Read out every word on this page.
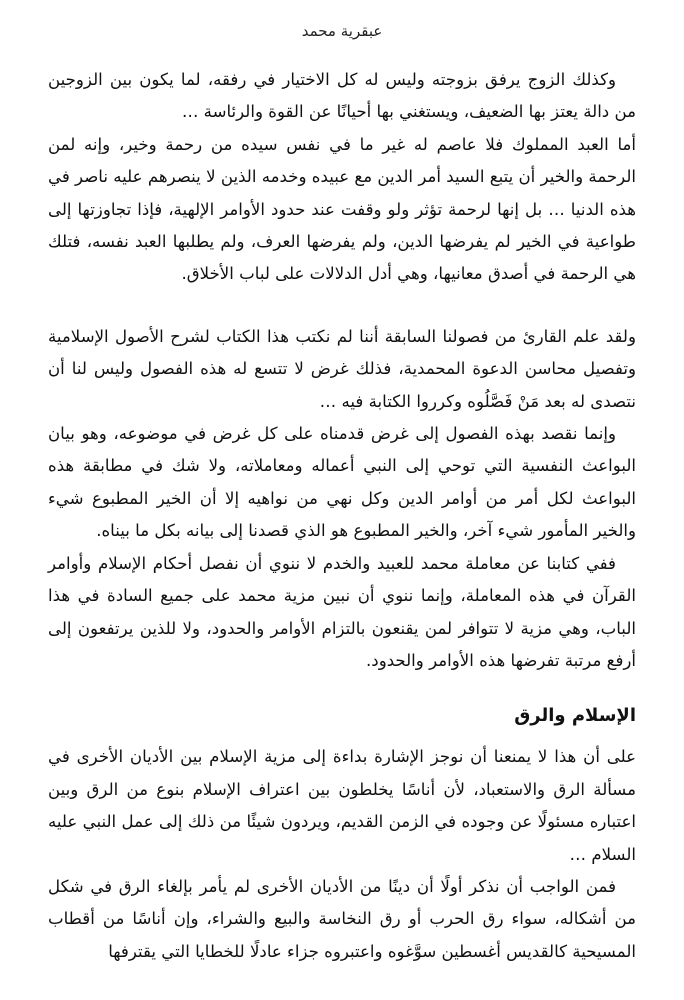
عبقرية محمد

وكذلك الزوج يرفق بزوجته وليس له كل الاختيار في رفقه، لما يكون بين الزوجين من دالة يعتز بها الضعيف، ويستغني بها أحيانًا عن القوة والرئاسة …

أما العبد المملوك فلا عاصم له غير ما في نفس سيده من رحمة وخير، وإنه لمن الرحمة والخير أن يتبع السيد أمر الدين مع عبيده وخدمه الذين لا ينصرهم عليه ناصر في هذه الدنيا … بل إنها لرحمة تؤثر ولو وقفت عند حدود الأوامر الإلهية، فإذا تجاوزتها إلى طواعية في الخير لم يفرضها الدين، ولم يفرضها العرف، ولم يطلبها العبد نفسه، فتلك هي الرحمة في أصدق معانيها، وهي أدل الدلالات على لباب الأخلاق.

ولقد علم القارئ من فصولنا السابقة أننا لم نكتب هذا الكتاب لشرح الأصول الإسلامية وتفصيل محاسن الدعوة المحمدية، فذلك غرض لا تتسع له هذه الفصول وليس لنا أن نتصدى له بعد مَنْ فَصَّلُوه وكرروا الكتابة فيه …

وإنما نقصد بهذه الفصول إلى غرض قدمناه على كل غرض في موضوعه، وهو بيان البواعث النفسية التي توحي إلى النبي أعماله ومعاملاته، ولا شك في مطابقة هذه البواعث لكل أمر من أوامر الدين وكل نهي من نواهيه إلا أن الخير المطبوع شيء والخير المأمور شيء آخر، والخير المطبوع هو الذي قصدنا إلى بيانه بكل ما بيناه.

ففي كتابنا عن معاملة محمد للعبيد والخدم لا ننوي أن نفصل أحكام الإسلام وأوامر القرآن في هذه المعاملة، وإنما ننوي أن نبين مزية محمد على جميع السادة في هذا الباب، وهي مزية لا تتوافر لمن يقنعون بالتزام الأوامر والحدود، ولا للذين يرتفعون إلى أرفع مرتبة تفرضها هذه الأوامر والحدود.

الإسلام والرق

على أن هذا لا يمنعنا أن نوجز الإشارة بداءة إلى مزية الإسلام بين الأديان الأخرى في مسألة الرق والاستعباد، لأن أناسًا يخلطون بين اعتراف الإسلام بنوع من الرق وبين اعتباره مسئولًا عن وجوده في الزمن القديم، ويردون شيئًا من ذلك إلى عمل النبي عليه السلام …

فمن الواجب أن نذكر أولًا أن دينًا من الأديان الأخرى لم يأمر بإلغاء الرق في شكل من أشكاله، سواء رق الحرب أو رق النخاسة والبيع والشراء، وإن أناسًا من أقطاب المسيحية كالقديس أغسطين سوَّغوه واعتبروه جزاء عادلًا للخطايا التي يقترفها
